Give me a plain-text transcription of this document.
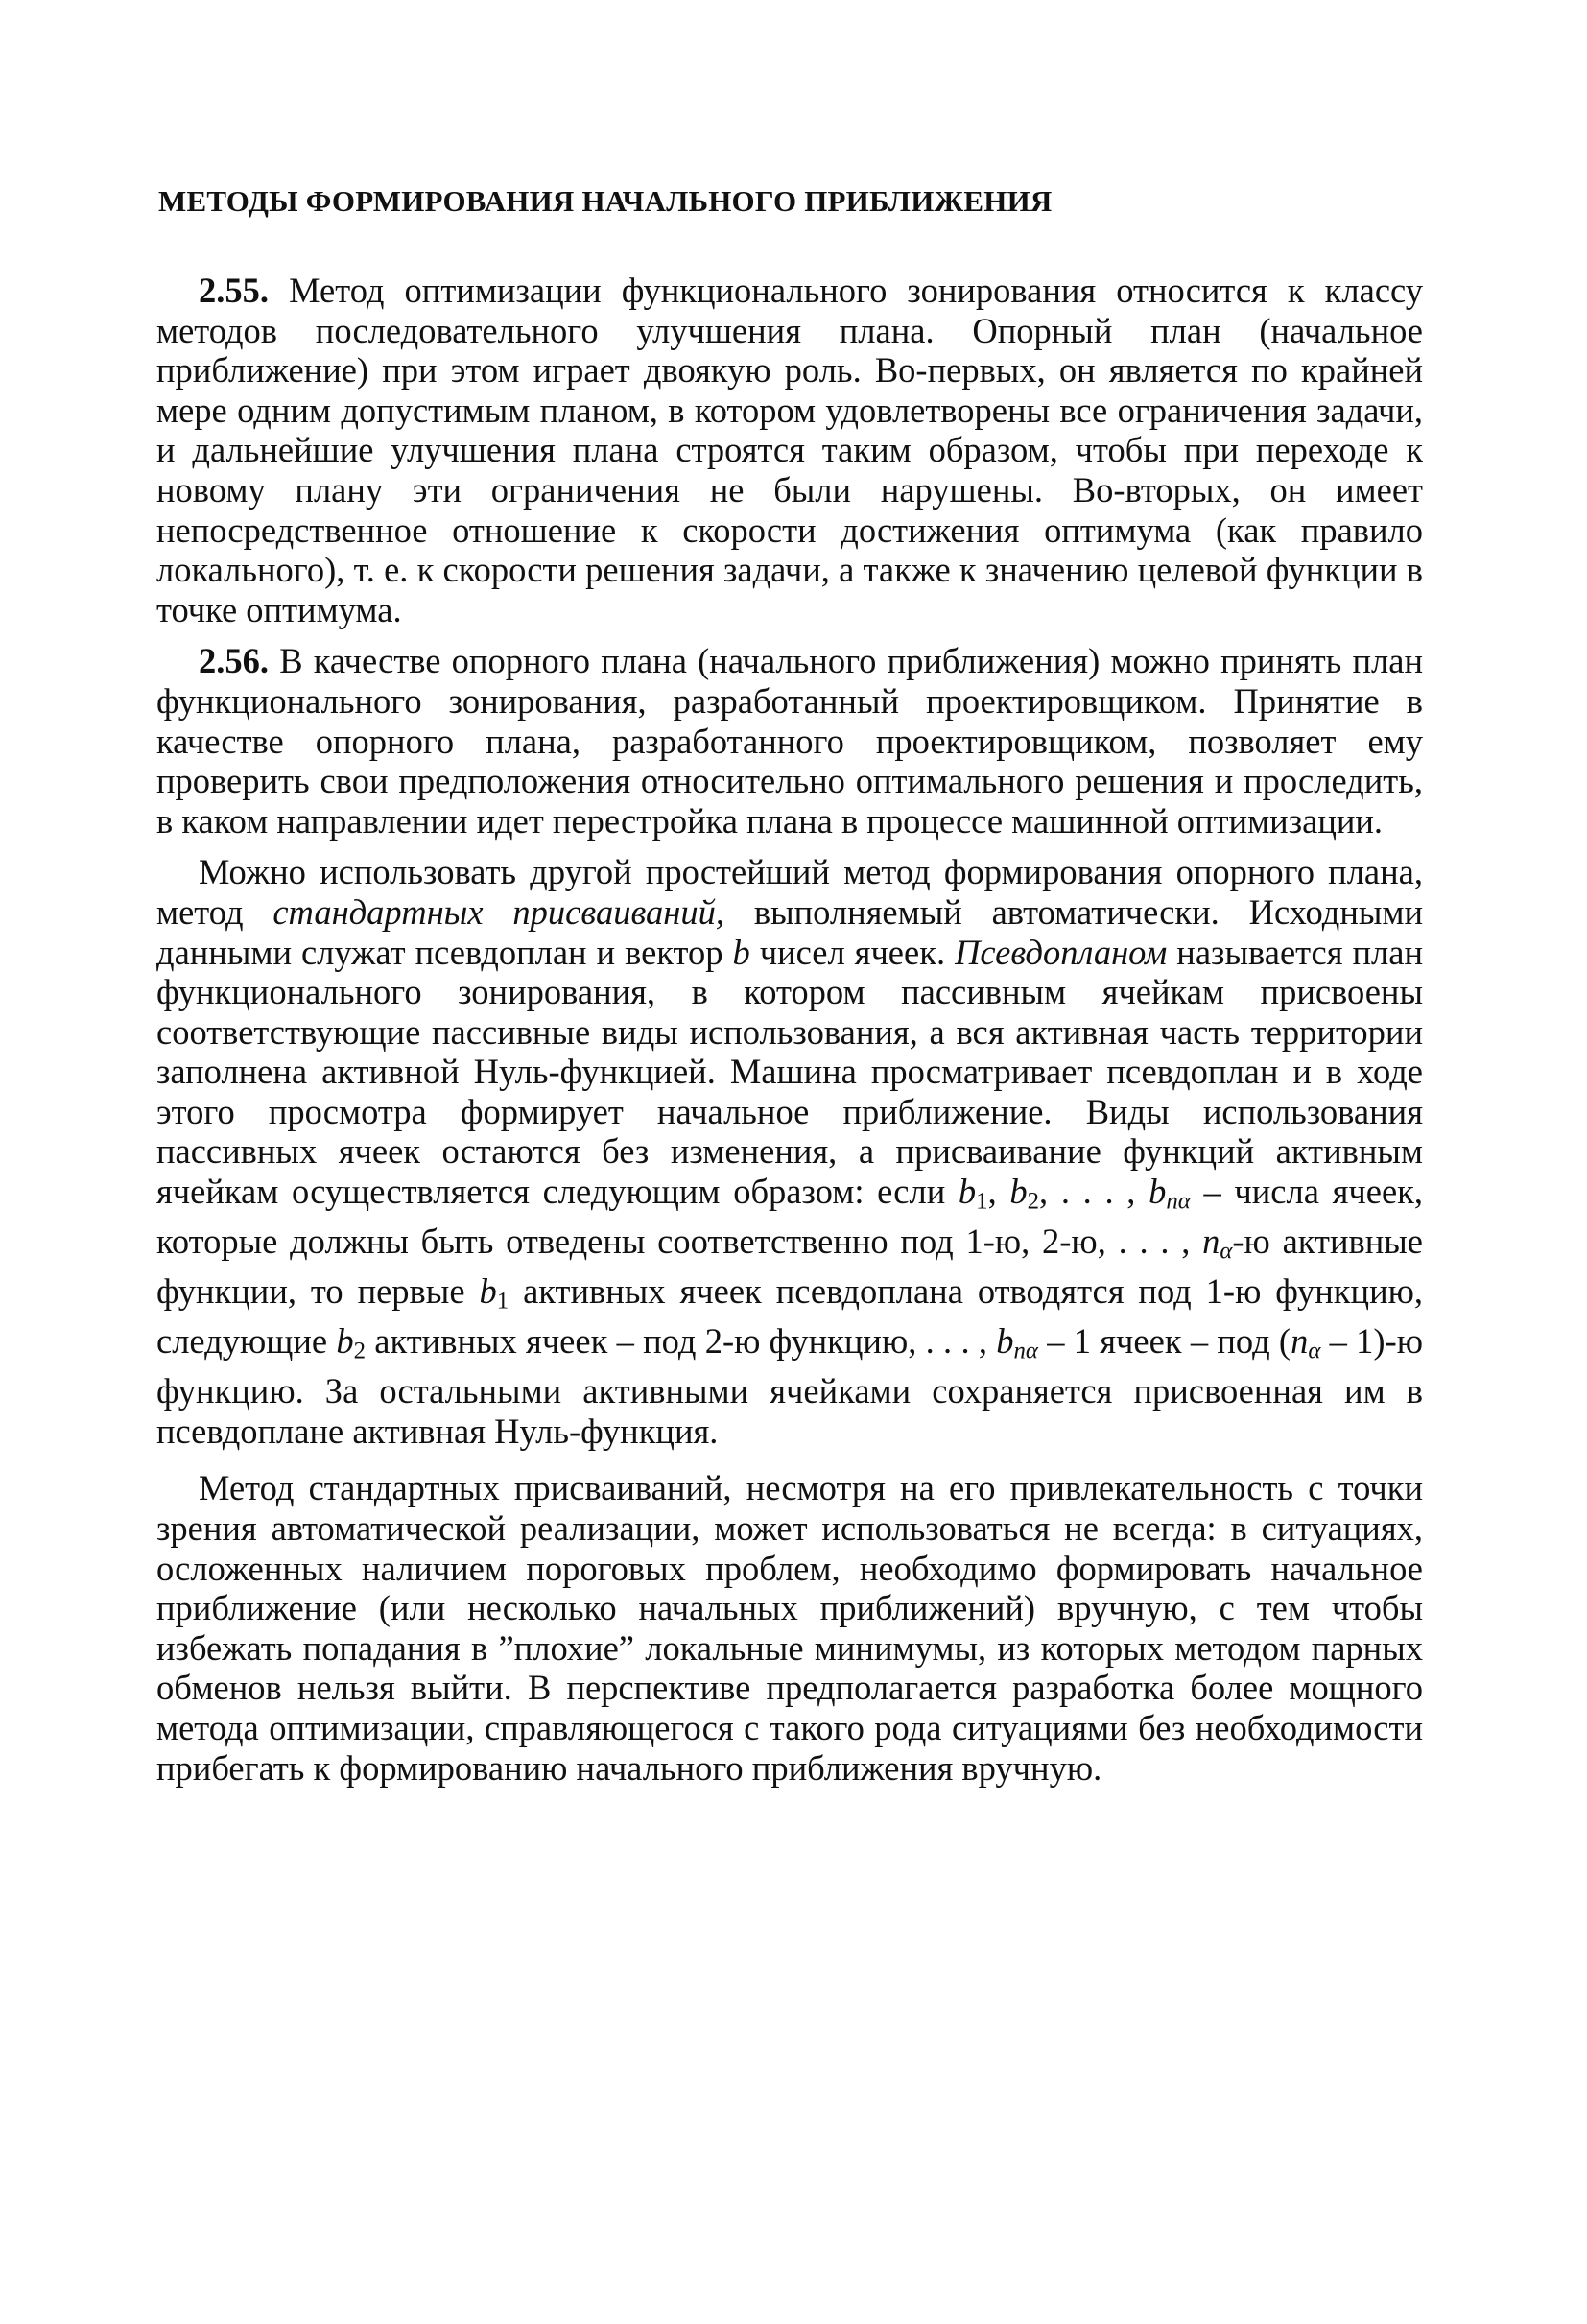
МЕТОДЫ ФОРМИРОВАНИЯ НАЧАЛЬНОГО ПРИБЛИЖЕНИЯ

2.55. Метод оптимизации функционального зонирования относится к классу методов последовательного улучшения плана. Опорный план (начальное приближение) при этом играет двоякую роль. Во-первых, он является по крайней мере одним допустимым планом, в котором удовлетворены все ограничения задачи, и дальнейшие улучшения плана строятся таким образом, чтобы при переходе к новому плану эти ограничения не были нарушены. Во-вторых, он имеет непосредственное отношение к скорости достижения оптимума (как правило локального), т. е. к скорости решения задачи, а также к значению целевой функции в точке оптимума.

2.56. В качестве опорного плана (начального приближения) можно принять план функционального зонирования, разработанный проектировщиком. Принятие в качестве опорного плана, разработанного проектировщиком, позволяет ему проверить свои предположения относительно оптимального решения и проследить, в каком направлении идет перестройка плана в процессе машинной оптимизации.

Можно использовать другой простейший метод формирования опорного плана, метод стандартных присваиваний, выполняемый автоматически. Исходными данными служат псевдоплан и вектор b чисел ячеек. Псевдопланом называется план функционального зонирования, в котором пассивным ячейкам присвоены соответствующие пассивные виды использования, а вся активная часть территории заполнена активной Нуль-функцией. Машина просматривает псевдоплан и в ходе этого просмотра формирует начальное приближение. Виды использования пассивных ячеек остаются без изменения, а присваивание функций активным ячейкам осуществляется следующим образом: если $b_1$, $b_2$, . . . , bnα – числа ячеек, которые должны быть отведены соответственно под 1-ю, 2-ю, . . . , nα-ю активные функции, то первые $b_1$ активных ячеек псевдоплана отводятся под 1-ю функцию, следующие $b_2$ активных ячеек – под 2-ю функцию, . . . , bnα – 1 ячеек – под (nα – 1)-ю функцию. За остальными активными ячейками сохраняется присвоенная им в псевдоплане активная Нуль-функция.

Метод стандартных присваиваний, несмотря на его привлекательность с точки зрения автоматической реализации, может использоваться не всегда: в ситуациях, осложенных наличием пороговых проблем, необходимо формировать начальное приближение (или несколько начальных приближений) вручную, с тем чтобы избежать попадания в ”плохие” локальные минимумы, из которых методом парных обменов нельзя выйти. В перспективе предполагается разработка более мощного метода оптимизации, справляющегося с такого рода ситуациями без необходимости прибегать к формированию начального приближения вручную.
